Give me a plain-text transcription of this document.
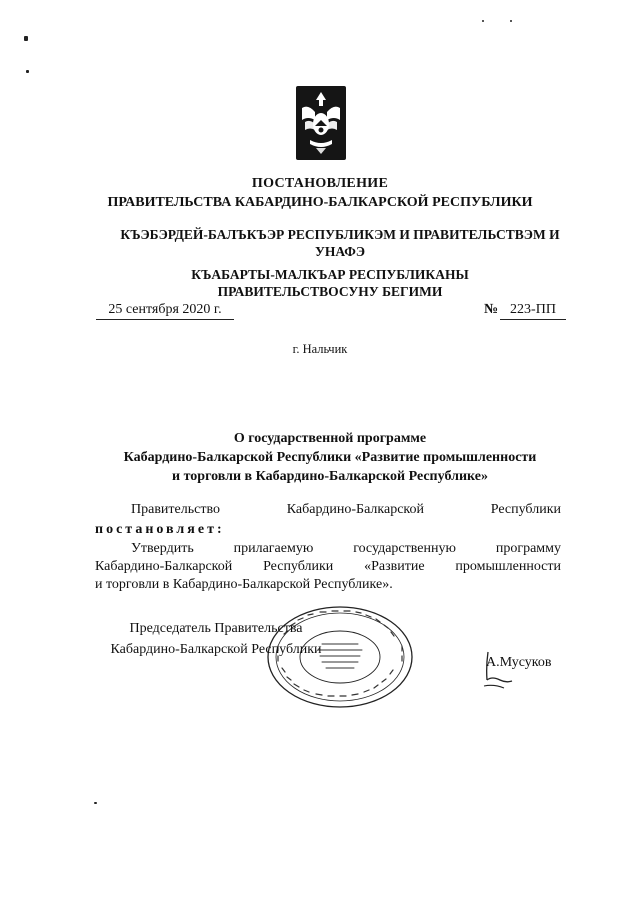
ПОСТАНОВЛЕНИЕ
ПРАВИТЕЛЬСТВА КАБАРДИНО-БАЛКАРСКОЙ РЕСПУБЛИКИ
КЪЭБЭРДЕЙ-БАЛЪКЪЭР РЕСПУБЛИКЭМ И ПРАВИТЕЛЬСТВЭМ И УНАФЭ
КЪАБАРТЫ-МАЛКЪАР РЕСПУБЛИКАНЫ ПРАВИТЕЛЬСТВОСУНУ БЕГИМИ
25 сентября 2020 г.	№ 223-ПП
г. Нальчик
О государственной программе
Кабардино-Балкарской Республики «Развитие промышленности
и торговли в Кабардино-Балкарской Республике»
Правительство	Кабардино-Балкарской	Республики
постановляет:
Утвердить	прилагаемую	государственную	программу
Кабардино-Балкарской Республики «Развитие промышленности
и торговли в Кабардино-Балкарской Республике».
Председатель Правительства
Кабардино-Балкарской Республики
А.Мусуков
